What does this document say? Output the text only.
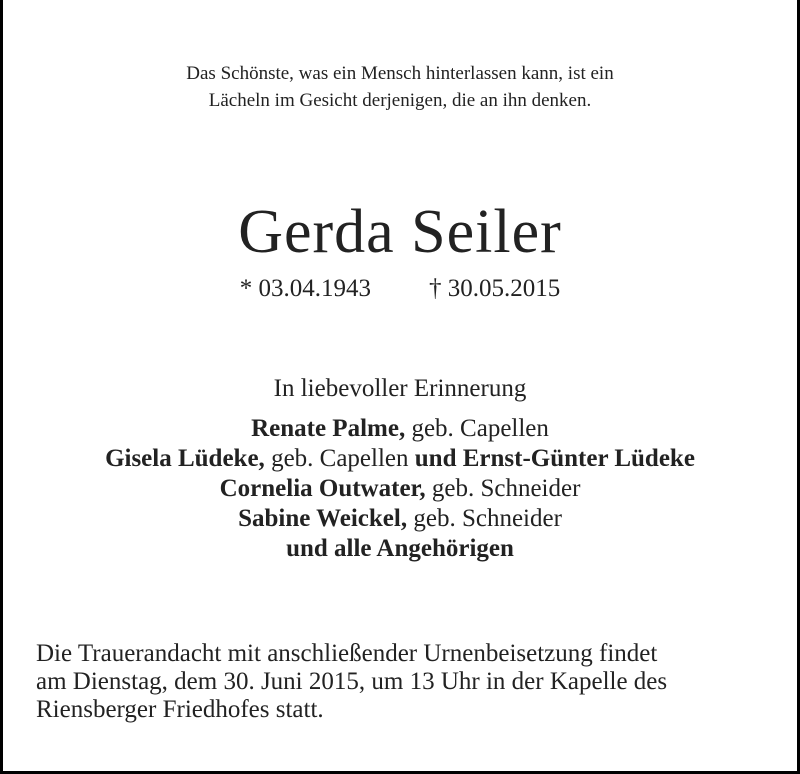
Das Schönste, was ein Mensch hinterlassen kann, ist ein
Lächeln im Gesicht derjenigen, die an ihn denken.
Gerda Seiler
* 03.04.1943 † 30.05.2015
In liebevoller Erinnerung
Renate Palme, geb. Capellen
Gisela Lüdeke, geb. Capellen und Ernst-Günter Lüdeke
Cornelia Outwater, geb. Schneider
Sabine Weickel, geb. Schneider
und alle Angehörigen
Die Trauerandacht mit anschließender Urnenbeisetzung findet
am Dienstag, dem 30. Juni 2015, um 13 Uhr in der Kapelle des
Riensberger Friedhofes statt.
